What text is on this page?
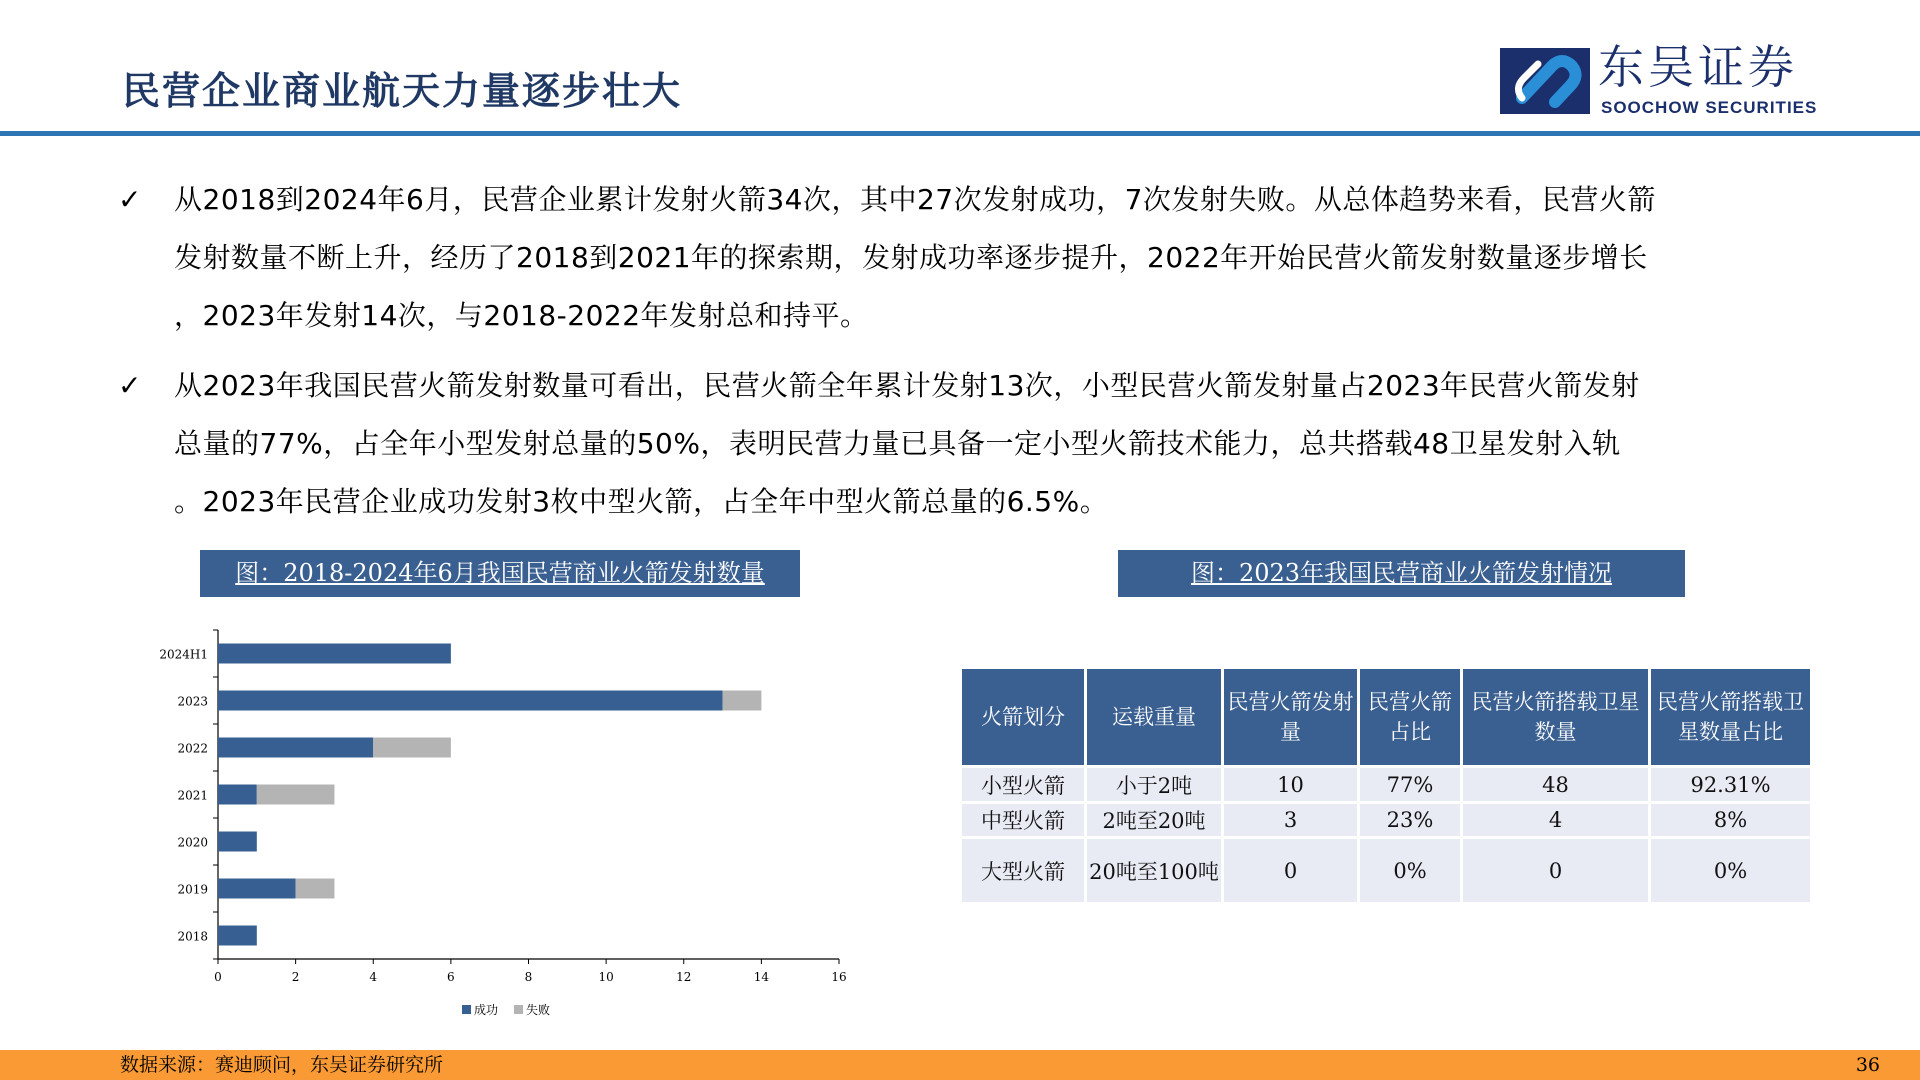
民营企业商业航天力量逐步壮大	东吴证券
SOOCHOW SECURITIES
✓ 从2018到2024年6月，民营企业累计发射火箭34次，其中27次发射成功，7次发射失败。从总体趋势来看，民营火箭
发射数量不断上升，经历了2018到2021年的探索期，发射成功率逐步提升，2022年开始民营火箭发射数量逐步增长
，2023年发射14次，与2018-2022年发射总和持平。
✓ 从2023年我国民营火箭发射数量可看出，民营火箭全年累计发射13次，小型民营火箭发射量占2023年民营火箭发射
总量的77%，占全年小型发射总量的50%，表明民营力量已具备一定小型火箭技术能力，总共搭载48卫星发射入轨
。2023年民营企业成功发射3枚中型火箭，占全年中型火箭总量的6.5%。
图：2018-2024年6月我国民营商业火箭发射数量	图：2023年我国民营商业火箭发射情况
2024H1
2023
2022
2021
2020
2019
2018
0	2	4	6	8	10	12	14	16
成功 失败
火箭划分	运载重量	民营火箭发射量	民营火箭占比	民营火箭搭载卫星数量	民营火箭搭载卫星数量占比
小型火箭	小于2吨	10	77%	48	92.31%
中型火箭	2吨至20吨	3	23%	4	8%
大型火箭	20吨至100吨	0	0%	0	0%
数据来源：赛迪顾问，东吴证券研究所	36
